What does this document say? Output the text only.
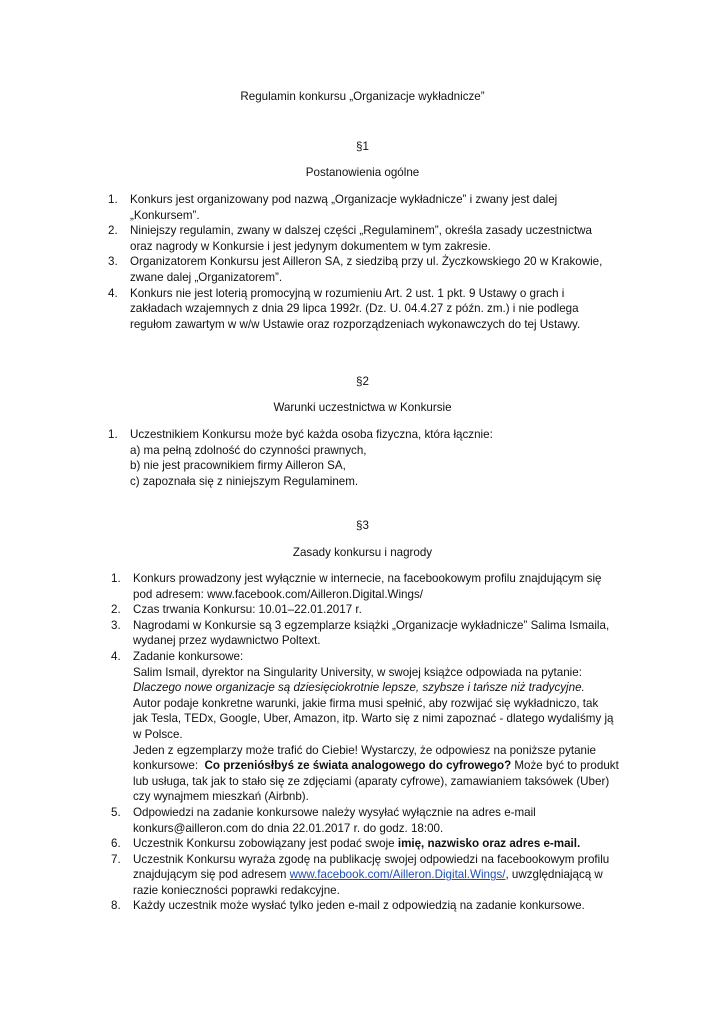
Regulamin konkursu „Organizacje wykładnicze”
§1
Postanowienia ogólne
1. Konkurs jest organizowany pod nazwą „Organizacje wykładnicze” i zwany jest dalej
„Konkursem”.
2. Niniejszy regulamin, zwany w dalszej części „Regulaminem”, określa zasady uczestnictwa
oraz nagrody w Konkursie i jest jedynym dokumentem w tym zakresie.
3. Organizatorem Konkursu jest Ailleron SA, z siedzibą przy ul. Życzkowskiego 20 w Krakowie,
zwane dalej „Organizatorem”.
4. Konkurs nie jest loterią promocyjną w rozumieniu Art. 2 ust. 1 pkt. 9 Ustawy o grach i
zakładach wzajemnych z dnia 29 lipca 1992r. (Dz. U. 04.4.27 z późn. zm.) i nie podlega
regułom zawartym w w/w Ustawie oraz rozporządzeniach wykonawczych do tej Ustawy.
§2
Warunki uczestnictwa w Konkursie
1. Uczestnikiem Konkursu może być każda osoba fizyczna, która łącznie:
a) ma pełną zdolność do czynności prawnych,
b) nie jest pracownikiem firmy Ailleron SA,
c) zapoznała się z niniejszym Regulaminem.
§3
Zasady konkursu i nagrody
1. Konkurs prowadzony jest wyłącznie w internecie, na facebookowym profilu znajdującym się
pod adresem: www.facebook.com/Ailleron.Digital.Wings/
2. Czas trwania Konkursu: 10.01–22.01.2017 r.
3. Nagrodami w Konkursie są 3 egzemplarze książki „Organizacje wykładnicze” Salima Ismaila,
wydanej przez wydawnictwo Poltext.
4. Zadanie konkursowe:
Salim Ismail, dyrektor na Singularity University, w swojej książce odpowiada na pytanie:
Dlaczego nowe organizacje są dziesięciokrotnie lepsze, szybsze i tańsze niż tradycyjne.
Autor podaje konkretne warunki, jakie firma musi spełnić, aby rozwijać się wykładniczo, tak
jak Tesla, TEDx, Google, Uber, Amazon, itp. Warto się z nimi zapoznać - dlatego wydaliśmy ją
w Polsce.
Jeden z egzemplarzy może trafić do Ciebie! Wystarczy, że odpowiesz na poniższe pytanie
konkursowe:  Co przeniósłbyś ze świata analogowego do cyfrowego? Może być to produkt
lub usługa, tak jak to stało się ze zdjęciami (aparaty cyfrowe), zamawianiem taksówek (Uber)
czy wynajmem mieszkań (Airbnb).
5. Odpowiedzi na zadanie konkursowe należy wysyłać wyłącznie na adres e-mail
konkurs@ailleron.com do dnia 22.01.2017 r. do godz. 18:00.
6. Uczestnik Konkursu zobowiązany jest podać swoje imię, nazwisko oraz adres e-mail.
7. Uczestnik Konkursu wyraża zgodę na publikację swojej odpowiedzi na facebookowym profilu
znajdującym się pod adresem www.facebook.com/Ailleron.Digital.Wings/, uwzględniającą w
razie konieczności poprawki redakcyjne.
8. Każdy uczestnik może wysłać tylko jeden e-mail z odpowiedzią na zadanie konkursowe.
